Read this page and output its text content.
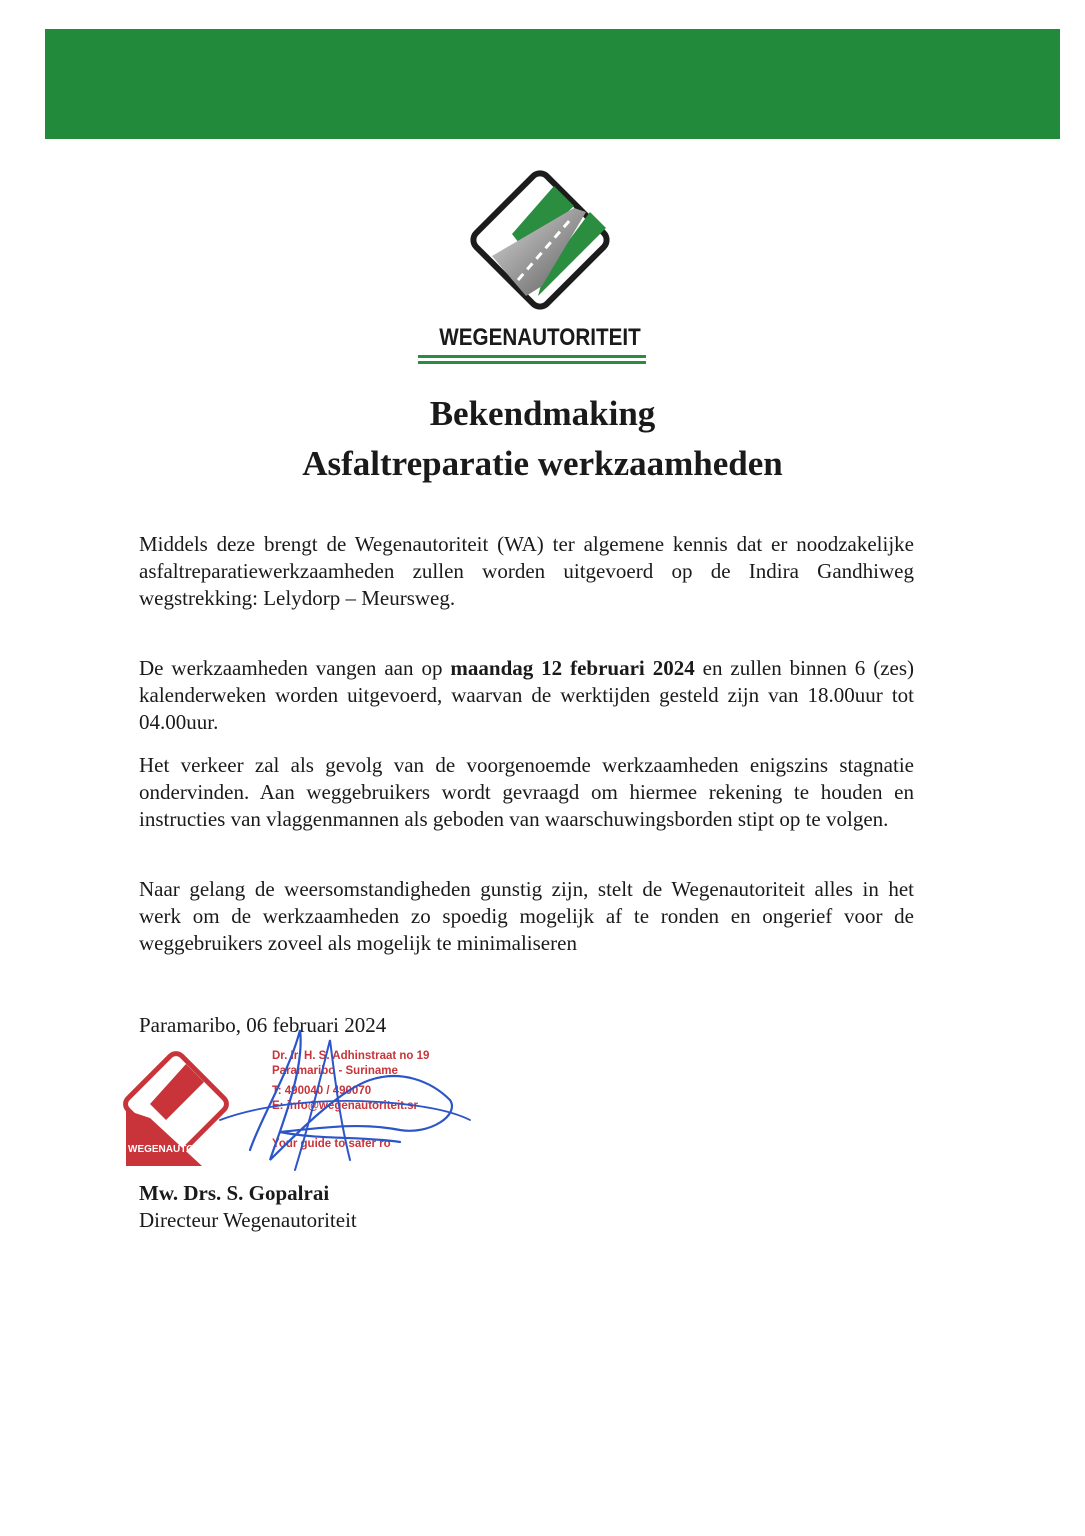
WEGENAUTORITEIT
Bekendmaking
Asfaltreparatie werkzaamheden

Middels deze brengt de Wegenautoriteit (WA) ter algemene kennis dat er noodzakelijke asfaltreparatiewerkzaamheden zullen worden uitgevoerd op de Indira Gandhiweg wegstrekking: Lelydorp – Meursweg.

De werkzaamheden vangen aan op maandag 12 februari 2024 en zullen binnen 6 (zes) kalenderweken worden uitgevoerd, waarvan de werktijden gesteld zijn van 18.00uur tot 04.00uur.

Het verkeer zal als gevolg van de voorgenoemde werkzaamheden enigszins stagnatie ondervinden. Aan weggebruikers wordt gevraagd om hiermee rekening te houden en instructies van vlaggenmannen als geboden van waarschuwingsborden stipt op te volgen.

Naar gelang de weersomstandigheden gunstig zijn, stelt de Wegenautoriteit alles in het werk om de werkzaamheden zo spoedig mogelijk af te ronden en ongerief voor de weggebruikers zoveel als mogelijk te minimaliseren

Paramaribo, 06 februari 2024
WEGENAUTORITEIT
Dr. Ir. H. S. Adhinstraat no 19
Paramaribo - Suriname
T: 490040 / 490070
E: info@wegenautoriteit.sr
Your guide to safer ro
Mw. Drs. S. Gopalrai
Directeur Wegenautoriteit
